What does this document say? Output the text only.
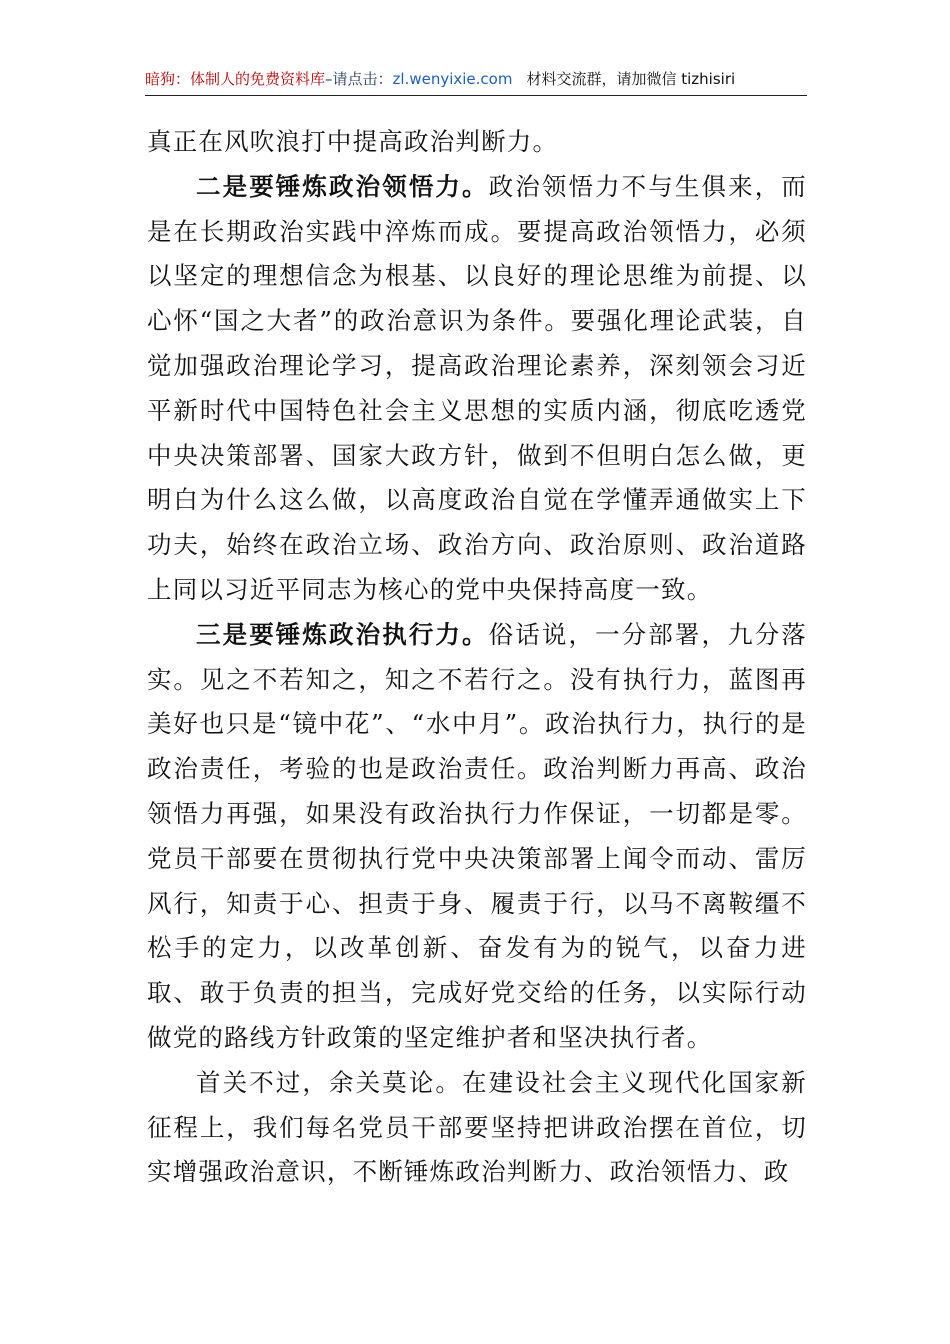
暗狗：体制人的免费资料库–请点击：zl.wenyixie.com 材料交流群，请加微信 tizhisiri

真正在风吹浪打中提高政治判断力。

二是要锤炼政治领悟力。政治领悟力不与生俱来，而是在长期政治实践中淬炼而成。要提高政治领悟力，必须以坚定的理想信念为根基、以良好的理论思维为前提、以心怀“国之大者”的政治意识为条件。要强化理论武装，自觉加强政治理论学习，提高政治理论素养，深刻领会习近平新时代中国特色社会主义思想的实质内涵，彻底吃透党中央决策部署、国家大政方针，做到不但明白怎么做，更明白为什么这么做，以高度政治自觉在学懂弄通做实上下功夫，始终在政治立场、政治方向、政治原则、政治道路上同以习近平同志为核心的党中央保持高度一致。

三是要锤炼政治执行力。俗话说，一分部署，九分落实。见之不若知之，知之不若行之。没有执行力，蓝图再美好也只是“镜中花”、“水中月”。政治执行力，执行的是政治责任，考验的也是政治责任。政治判断力再高、政治领悟力再强，如果没有政治执行力作保证，一切都是零。党员干部要在贯彻执行党中央决策部署上闻令而动、雷厉风行，知责于心、担责于身、履责于行，以马不离鞍缰不松手的定力，以改革创新、奋发有为的锐气，以奋力进取、敢于负责的担当，完成好党交给的任务，以实际行动做党的路线方针政策的坚定维护者和坚决执行者。

首关不过，余关莫论。在建设社会主义现代化国家新征程上，我们每名党员干部要坚持把讲政治摆在首位，切实增强政治意识，不断锤炼政治判断力、政治领悟力、政
